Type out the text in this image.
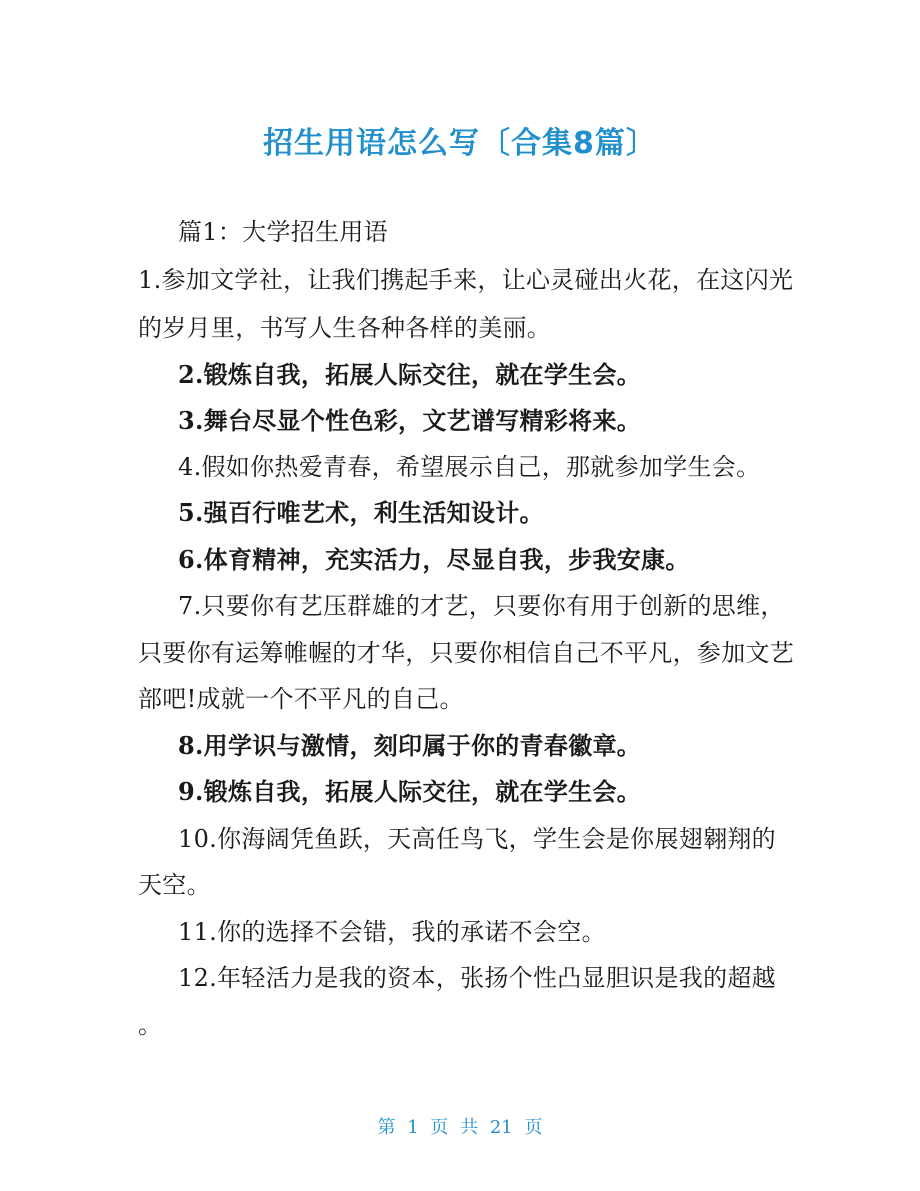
招生用语怎么写〔合集8篇〕
篇1：大学招生用语
1.参加文学社，让我们携起手来，让心灵碰出火花，在这闪光
的岁月里，书写人生各种各样的美丽。
2.锻炼自我，拓展人际交往，就在学生会。
3.舞台尽显个性色彩，文艺谱写精彩将来。
4.假如你热爱青春，希望展示自己，那就参加学生会。
5.强百行唯艺术，利生活知设计。
6.体育精神，充实活力，尽显自我，步我安康。
7.只要你有艺压群雄的才艺，只要你有用于创新的思维，
只要你有运筹帷幄的才华，只要你相信自己不平凡，参加文艺
部吧!成就一个不平凡的自己。
8.用学识与激情，刻印属于你的青春徽章。
9.锻炼自我，拓展人际交往，就在学生会。
10.你海阔凭鱼跃，天高任鸟飞，学生会是你展翅翱翔的
天空。
11.你的选择不会错，我的承诺不会空。
12.年轻活力是我的资本，张扬个性凸显胆识是我的超越
。
第 1 页 共 21 页
